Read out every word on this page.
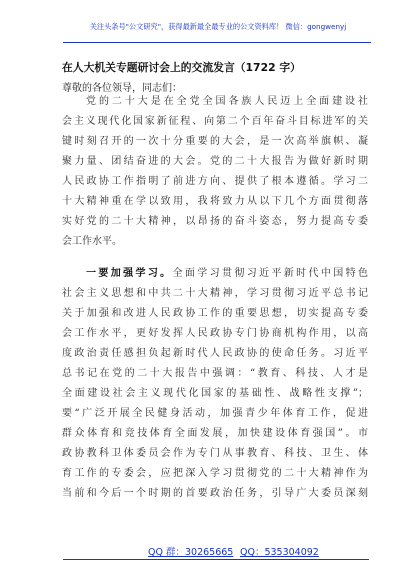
关注头条号"公文研究"，获得最新最全最专业的公文资料库！ 微信：gongwenyj
在人大机关专题研讨会上的交流发言（1722 字）
尊敬的各位领导，同志们：
党的二十大是在全党全国各族人民迈上全面建设社
会主义现代化国家新征程、向第二个百年奋斗目标进军的关
键时刻召开的一次十分重要的大会，是一次高举旗帜、凝
聚力量、团结奋进的大会。党的二十大报告为做好新时期
人民政协工作指明了前进方向、提供了根本遵循。学习二
十大精神重在学以致用，我将致力从以下几个方面贯彻落
实好党的二十大精神，以昂扬的奋斗姿态，努力提高专委
会工作水平。
一要加强学习。全面学习贯彻习近平新时代中国特色
社会主义思想和中共二十大精神，学习贯彻习近平总书记
关于加强和改进人民政协工作的重要思想，切实提高专委
会工作水平，更好发挥人民政协专门协商机构作用，以高
度政治责任感担负起新时代人民政协的使命任务。习近平
总书记在党的二十大报告中强调：“教育、科技、人才是
全面建设社会主义现代化国家的基础性、战略性支撑”；
要“广泛开展全民健身活动，加强青少年体育工作，促进
群众体育和竞技体育全面发展，加快建设体育强国”。市
政协教科卫体委员会作为专门从事教育、科技、卫生、体
育工作的专委会，应把深入学习贯彻党的二十大精神作为
当前和今后一个时期的首要政治任务，引导广大委员深刻
QQ 群：30265665 QQ：535304092
